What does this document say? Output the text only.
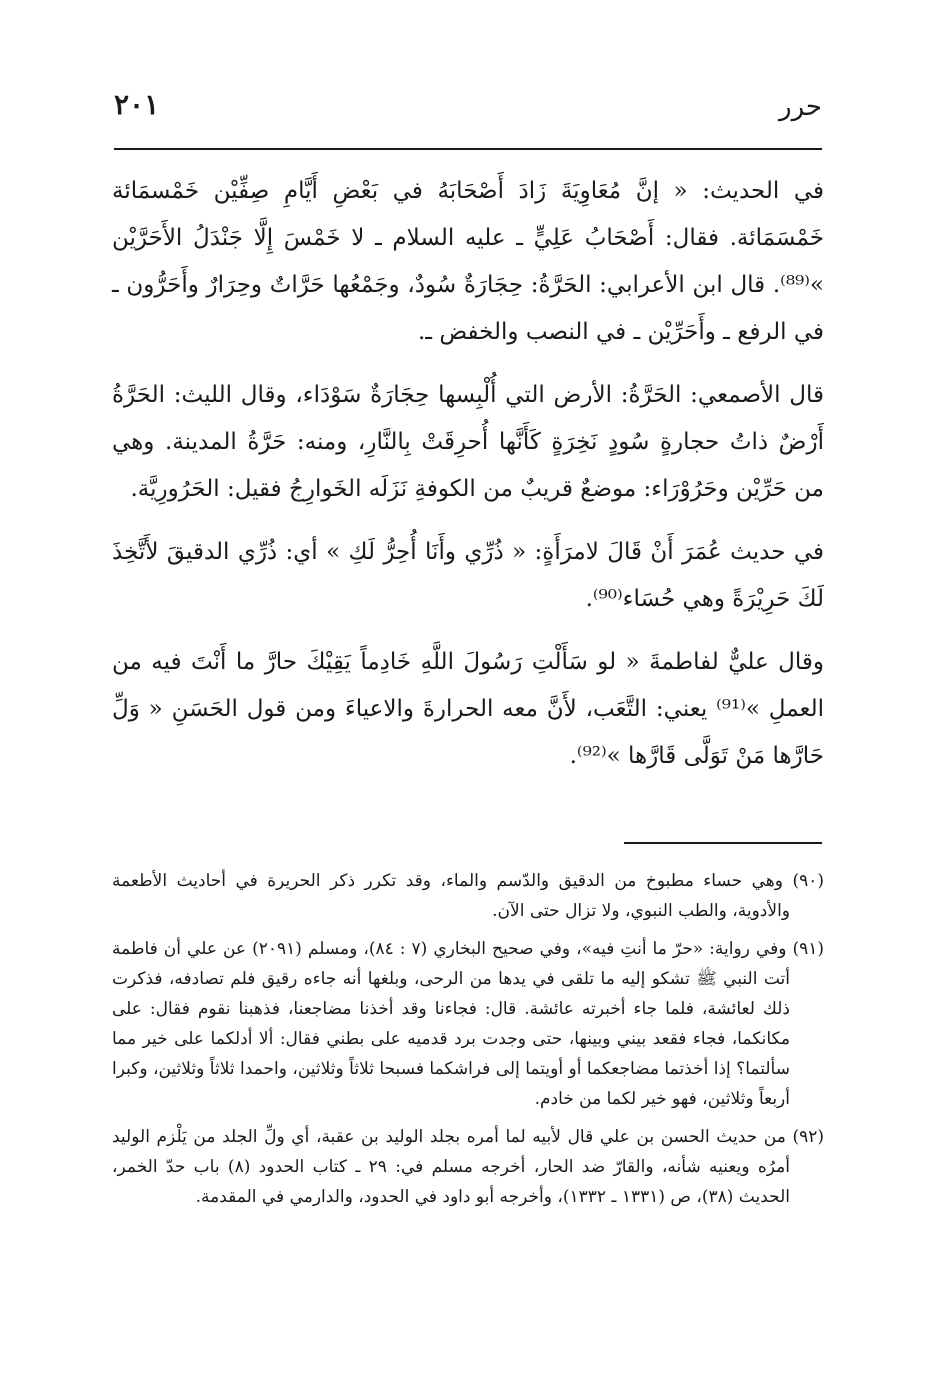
حرر
٢٠١

في الحديث: « إنَّ مُعَاوِيَةَ زَادَ أَصْحَابَهُ في بَعْضِ أَيَّامِ صِفِّيْن خَمْسمَائة خَمْسَمَائة. فقال: أَصْحَابُ عَلِيٍّ ـ عليه السلام ـ لا خَمْسَ إِلَّا جَنْدَلُ الأَحَرَّيْن »⁽⁸⁹⁾. قال ابن الأعرابي: الحَرَّةُ: حِجَارَةٌ سُودٌ، وجَمْعُها حَرَّاتٌ وحِرَارٌ وأَحَرُّون ـ في الرفع ـ وأَحَرِّيْن ـ في النصب والخفض ـ.

قال الأصمعي: الحَرَّةُ: الأرض التي أُلْبِسها حِجَارَةٌ سَوْدَاء، وقال الليث: الحَرَّةُ أَرْضٌ ذاتُ حجارةٍ سُودٍ نَخِرَةٍ كَأَنَّها أُحرِقَتْ بِالنَّارِ، ومنه: حَرَّةُ المدينة. وهي من حَرِّيْن وحَرُوْرَاء: موضعٌ قريبٌ من الكوفةِ نَزَلَه الخَوارِجُ فقيل: الحَرُورِيَّة.

في حديث عُمَرَ أَنْ قَالَ لامرَأَةٍ: « ذُرِّي وأَنَا أُحِرُّ لَكِ » أي: ذُرِّي الدقيقَ لأَتَّخِذَ لَكَ حَرِيْرَةً وهي حُسَاء⁽⁹⁰⁾.

وقال عليٌّ لفاطمةَ « لو سَأَلْتِ رَسُولَ اللَّهِ خَادِماً يَقِيْكَ حارَّ ما أَنْتَ فيه من العملِ »⁽⁹¹⁾ يعني: التَّعَب، لأَنَّ معه الحرارةَ والاعياءَ ومن قول الحَسَنِ « وَلِّ حَارَّها مَنْ تَوَلَّى قَارَّها »⁽⁹²⁾.

(٩٠) وهي حساء مطبوخ من الدقيق والدّسم والماء، وقد تكرر ذكر الحريرة في أحاديث الأطعمة والأدوية، والطب النبوي، ولا تزال حتى الآن.

(٩١) وفي رواية: «حرّ ما أنتِ فيه»، وفي صحيح البخاري (٧ : ٨٤)، ومسلم (٢٠٩١) عن علي أن فاطمة أتت النبي ﷺ تشكو إليه ما تلقى في يدها من الرحى، وبلغها أنه جاءه رقيق فلم تصادفه، فذكرت ذلك لعائشة، فلما جاء أخبرته عائشة. قال: فجاءنا وقد أخذنا مضاجعنا، فذهبنا نقوم فقال: على مكانكما، فجاء فقعد بيني وبينها، حتى وجدت برد قدميه على بطني فقال: ألا أدلكما على خير مما سألتما؟ إذا أخذتما مضاجعكما أو أويتما إلى فراشكما فسبحا ثلاثاً وثلاثين، واحمدا ثلاثاً وثلاثين، وكبرا أربعاً وثلاثين، فهو خير لكما من خادم.

(٩٢) من حديث الحسن بن علي قال لأبيه لما أمره بجلد الوليد بن عقبة، أي ولِّ الجلد من يَلْزم الوليد أمرُه ويعنيه شأنه، والقارّ ضد الحار، أخرجه مسلم في: ٢٩ ـ كتاب الحدود (٨) باب حدّ الخمر، الحديث (٣٨)، ص (١٣٣١ ـ ١٣٣٢)، وأخرجه أبو داود في الحدود، والدارمي في المقدمة.
